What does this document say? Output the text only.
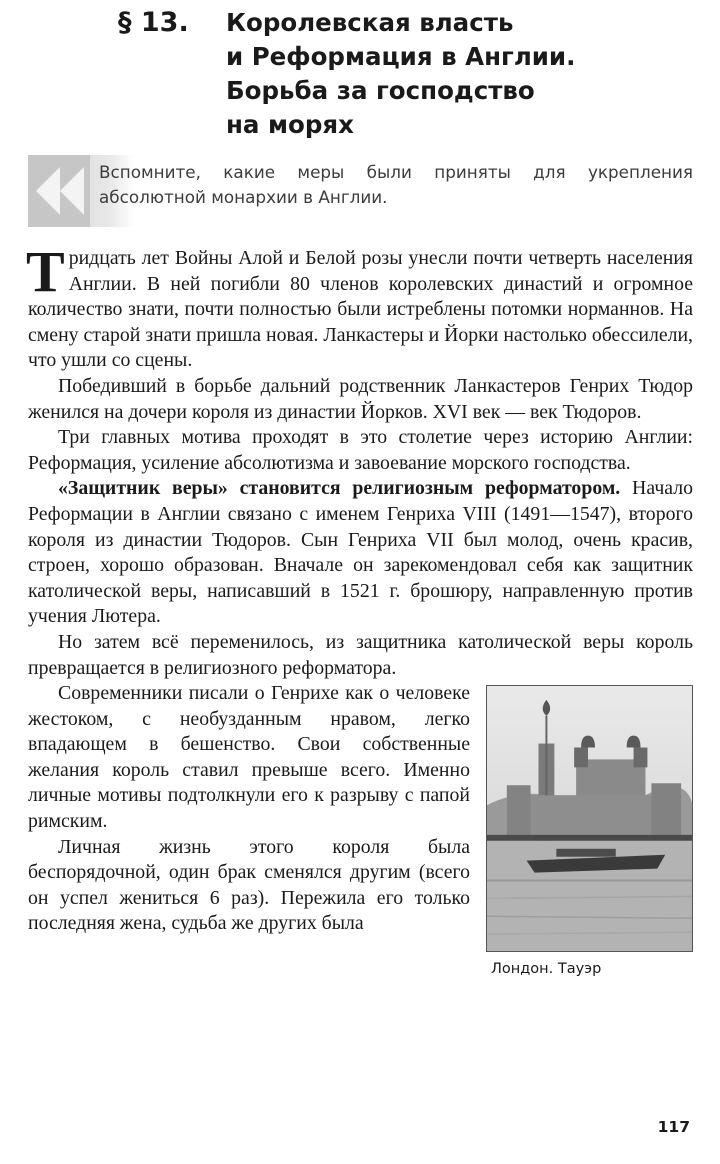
§ 13. Королевская власть
и Реформация в Англии.
Борьба за господство
на морях
Вспомните, какие меры были приняты для укрепления
абсолютной монархии в Англии.

Тридцать лет Войны Алой и Белой розы унесли почти четверть населения Англии. В ней погибли 80 членов королевских династий и огромное количество знати, почти полностью были истреблены потомки норманнов. На смену старой знати пришла новая. Ланкастеры и Йорки настолько обессилели, что ушли со сцены.

Победивший в борьбе дальний родственник Ланкастеров Генрих Тюдор женился на дочери короля из династии Йорков. XVI век — век Тюдоров.

Три главных мотива проходят в это столетие через историю Англии: Реформация, усиление абсолютизма и завоевание морского господства.

«Защитник веры» становится религиозным реформатором. Начало Реформации в Англии связано с именем Генриха VIII (1491—1547), второго короля из династии Тюдоров. Сын Генриха VII был молод, очень красив, строен, хорошо образован. Вначале он зарекомендовал себя как защитник католической веры, написавший в 1521 г. брошюру, направленную против учения Лютера.

Но затем всё переменилось, из защитника католической веры король превращается в религиозного реформатора.

Лондон. Тауэр

Современники писали о Генрихе как о человеке жестоком, с необузданным нравом, легко впадающем в бешенство. Свои собственные желания король ставил превыше всего. Именно личные мотивы подтолкнули его к разрыву с папой римским.

Личная жизнь этого короля была беспорядочной, один брак сменялся другим (всего он успел жениться 6 раз). Пережила его только последняя жена, судьба же других была

117
